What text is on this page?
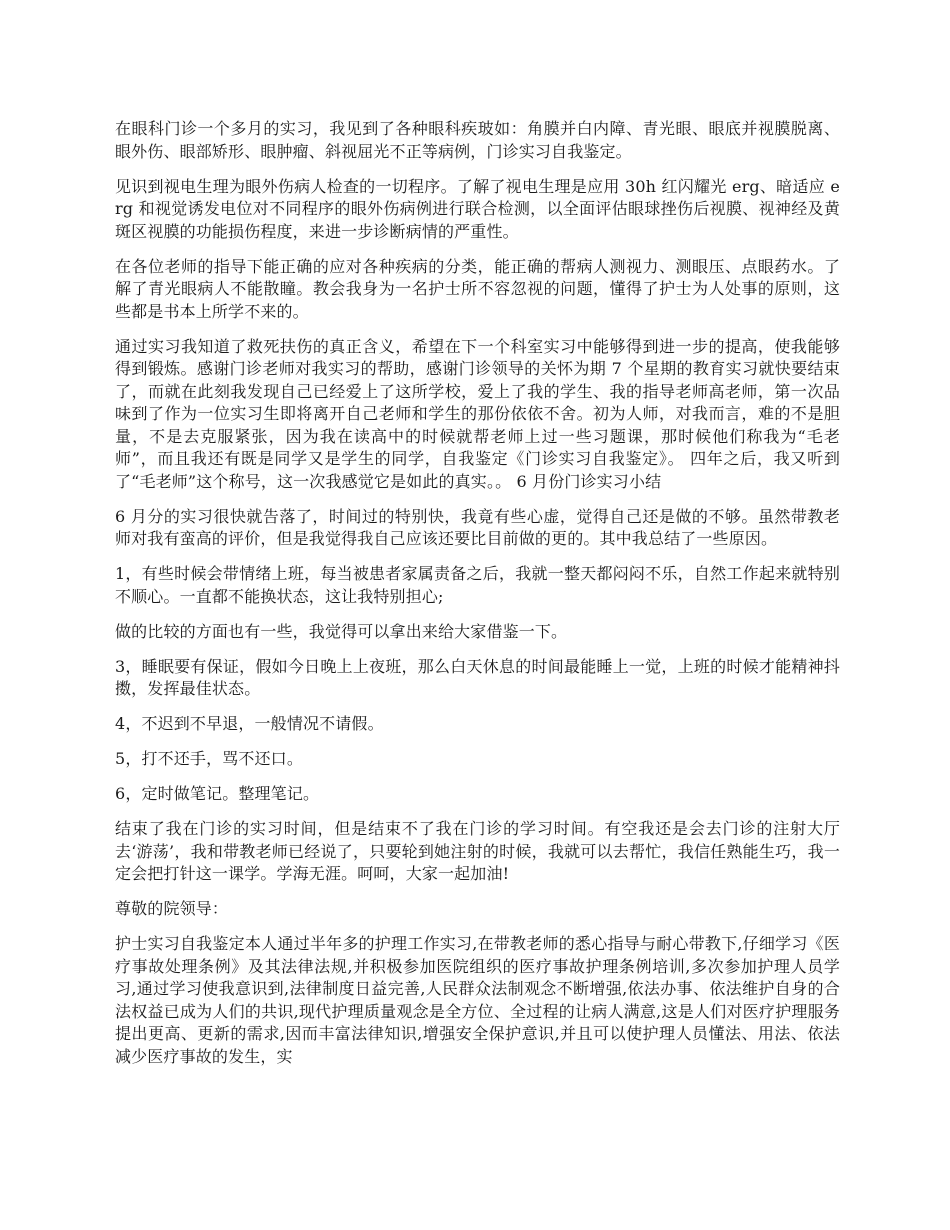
在眼科门诊一个多月的实习，我见到了各种眼科疾玻如：角膜并白内障、青光眼、眼底并视膜脱离、眼外伤、眼部矫形、眼肿瘤、斜视屈光不正等病例，门诊实习自我鉴定。

见识到视电生理为眼外伤病人检查的一切程序。了解了视电生理是应用 30h 红闪耀光 erg、暗适应 erg 和视觉诱发电位对不同程序的眼外伤病例进行联合检测，以全面评估眼球挫伤后视膜、视神经及黄斑区视膜的功能损伤程度，来进一步诊断病情的严重性。

在各位老师的指导下能正确的应对各种疾病的分类，能正确的帮病人测视力、测眼压、点眼药水。了解了青光眼病人不能散瞳。教会我身为一名护士所不容忽视的问题，懂得了护士为人处事的原则，这些都是书本上所学不来的。

通过实习我知道了救死扶伤的真正含义，希望在下一个科室实习中能够得到进一步的提高，使我能够得到锻炼。感谢门诊老师对我实习的帮助，感谢门诊领导的关怀为期 7 个星期的教育实习就快要结束了，而就在此刻我发现自己已经爱上了这所学校，爱上了我的学生、我的指导老师高老师，第一次品味到了作为一位实习生即将离开自己老师和学生的那份依依不舍。初为人师，对我而言，难的不是胆量，不是去克服紧张，因为我在读高中的时候就帮老师上过一些习题课，那时候他们称我为“毛老师”，而且我还有既是同学又是学生的同学，自我鉴定《门诊实习自我鉴定》。 四年之后，我又听到了“毛老师”这个称号，这一次我感觉它是如此的真实。。 6 月份门诊实习小结

6 月分的实习很快就告落了，时间过的特别快，我竟有些心虚，觉得自己还是做的不够。虽然带教老师对我有蛮高的评价，但是我觉得我自己应该还要比目前做的更的。其中我总结了一些原因。

1，有些时候会带情绪上班，每当被患者家属责备之后，我就一整天都闷闷不乐，自然工作起来就特别不顺心。一直都不能换状态，这让我特别担心;

做的比较的方面也有一些，我觉得可以拿出来给大家借鉴一下。

3，睡眠要有保证，假如今日晚上上夜班，那么白天休息的时间最能睡上一觉，上班的时候才能精神抖擞，发挥最佳状态。

4，不迟到不早退，一般情况不请假。

5，打不还手，骂不还口。

6，定时做笔记。整理笔记。

结束了我在门诊的实习时间，但是结束不了我在门诊的学习时间。有空我还是会去门诊的注射大厅去‘游荡’，我和带教老师已经说了，只要轮到她注射的时候，我就可以去帮忙，我信任熟能生巧，我一定会把打针这一课学。学海无涯。呵呵，大家一起加油!

尊敬的院领导：

护士实习自我鉴定本人通过半年多的护理工作实习,在带教老师的悉心指导与耐心带教下,仔细学习《医疗事故处理条例》及其法律法规,并积极参加医院组织的医疗事故护理条例培训,多次参加护理人员学习,通过学习使我意识到,法律制度日益完善,人民群众法制观念不断增强,依法办事、依法维护自身的合法权益已成为人们的共识,现代护理质量观念是全方位、全过程的让病人满意,这是人们对医疗护理服务提出更高、更新的需求,因而丰富法律知识,增强安全保护意识,并且可以使护理人员懂法、用法、依法减少医疗事故的发生，实
